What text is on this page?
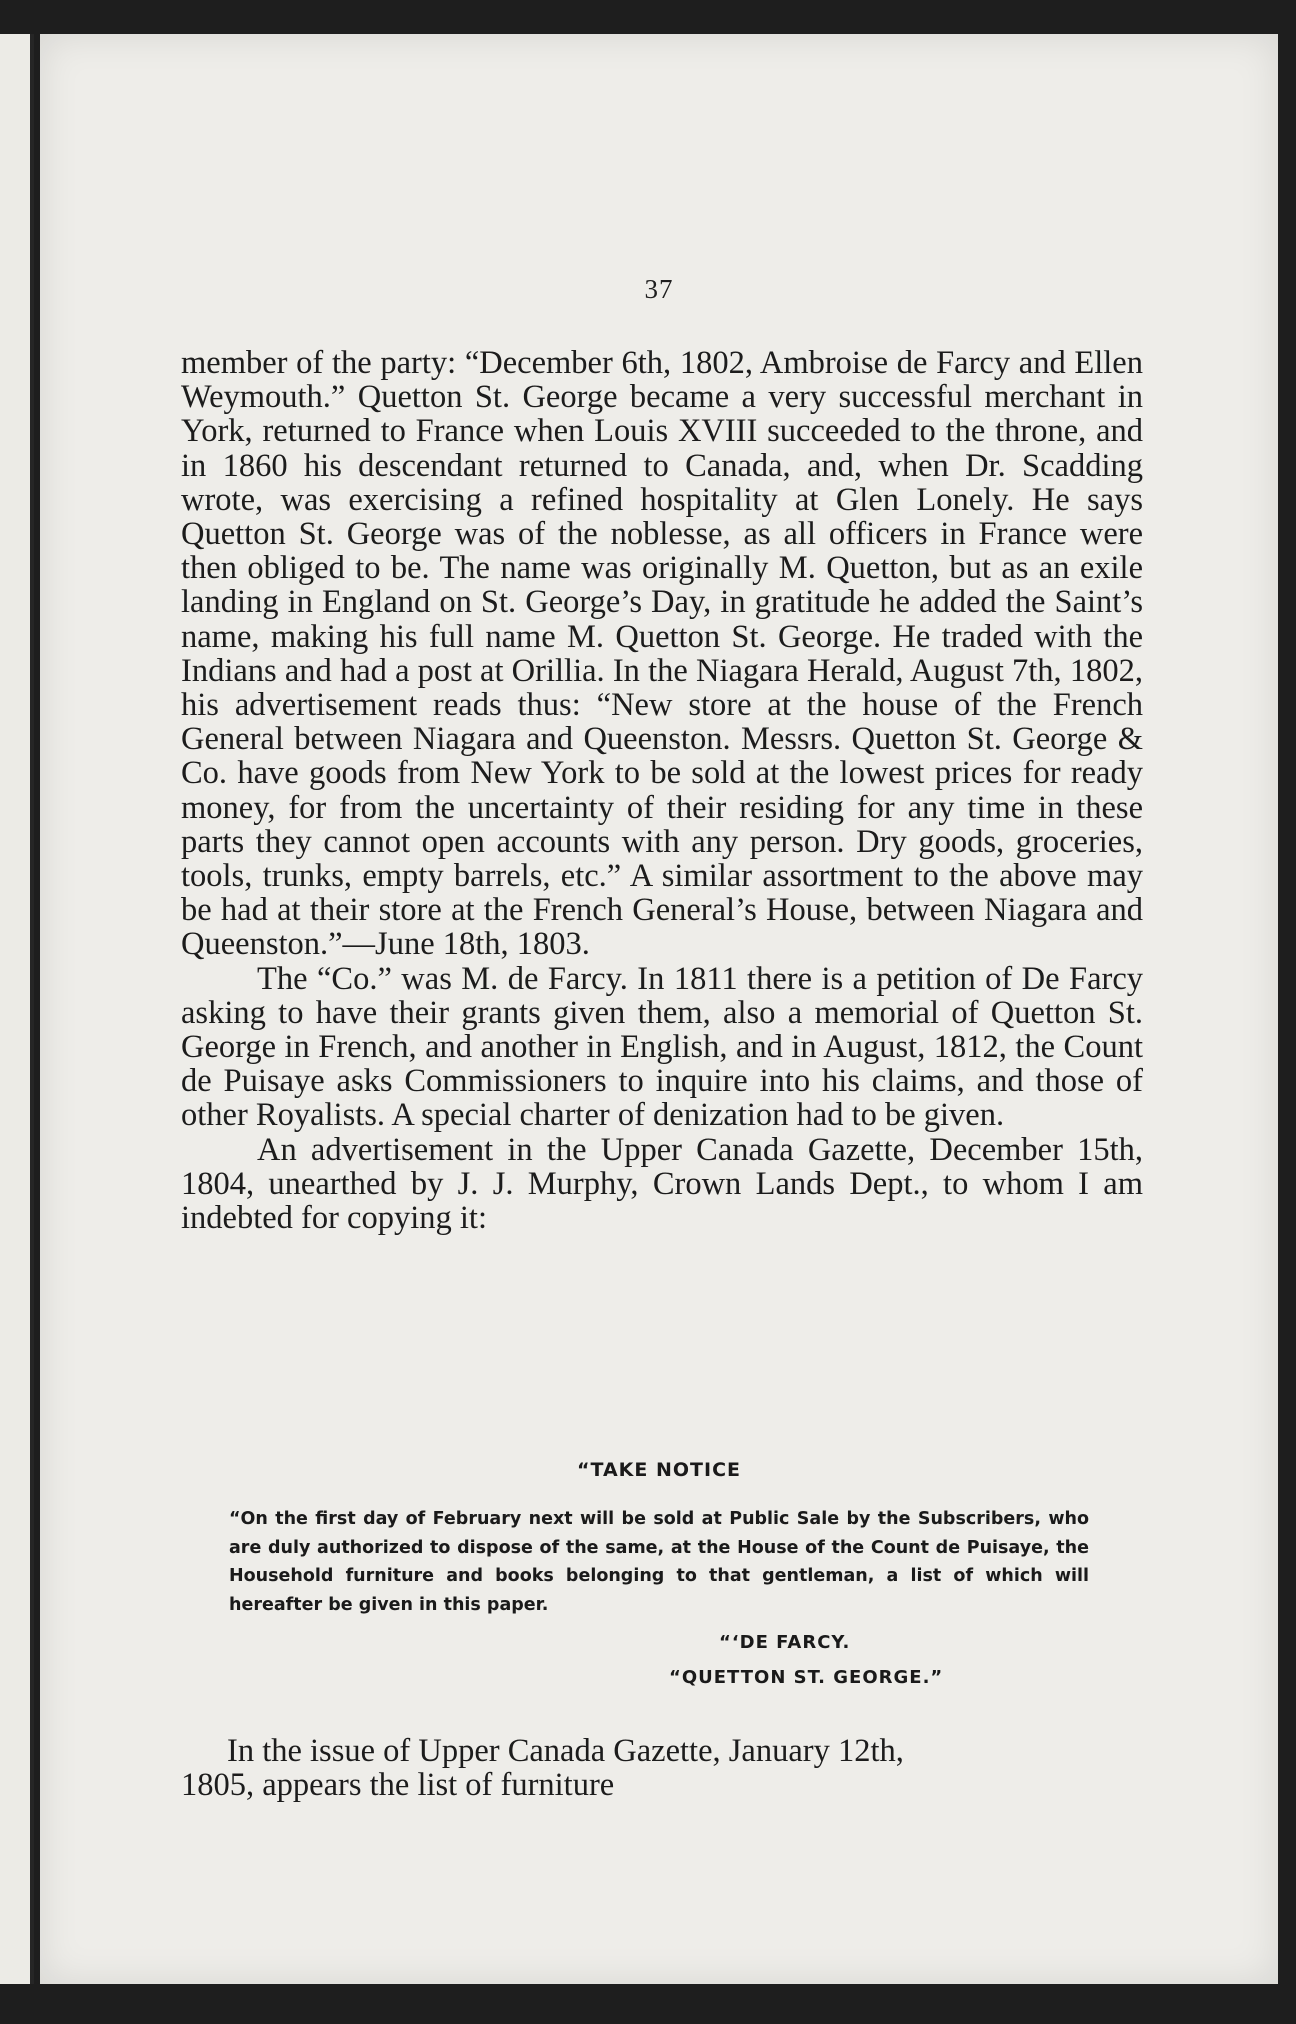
37

member of the party: “December 6th, 1802, Ambroise de Farcy and Ellen Weymouth.” Quetton St. George became a very successful merchant in York, returned to France when Louis XVIII succeeded to the throne, and in 1860 his descendant returned to Canada, and, when Dr. Scadding wrote, was exercising a refined hospitality at Glen Lonely. He says Quetton St. George was of the noblesse, as all officers in France were then obliged to be. The name was originally M. Quetton, but as an exile landing in England on St. George’s Day, in gratitude he added the Saint’s name, making his full name M. Quetton St. George. He traded with the Indians and had a post at Orillia. In the Niagara Herald, August 7th, 1802, his advertisement reads thus: “New store at the house of the French General between Niagara and Queenston. Messrs. Quetton St. George & Co. have goods from New York to be sold at the lowest prices for ready money, for from the uncertainty of their residing for any time in these parts they cannot open accounts with any person. Dry goods, groceries, tools, trunks, empty barrels, etc.” A similar assortment to the above may be had at their store at the French General’s House, between Niagara and Queenston.”—June 18th, 1803.

The “Co.” was M. de Farcy. In 1811 there is a petition of De Farcy asking to have their grants given them, also a memorial of Quetton St. George in French, and another in English, and in August, 1812, the Count de Puisaye asks Commissioners to inquire into his claims, and those of other Royalists. A special charter of denization had to be given.

An advertisement in the Upper Canada Gazette, December 15th, 1804, unearthed by J. J. Murphy, Crown Lands Dept., to whom I am indebted for copying it:

“TAKE NOTICE

“On the first day of February next will be sold at Public Sale by the Subscribers, who are duly authorized to dispose of the same, at the House of the Count de Puisaye, the Household furniture and books belonging to that gentleman, a list of which will hereafter be given in this paper.

“‘DE FARCY.

“QUETTON ST. GEORGE.”

In the issue of Upper Canada Gazette, January 12th,
1805, appears the list of furniture
